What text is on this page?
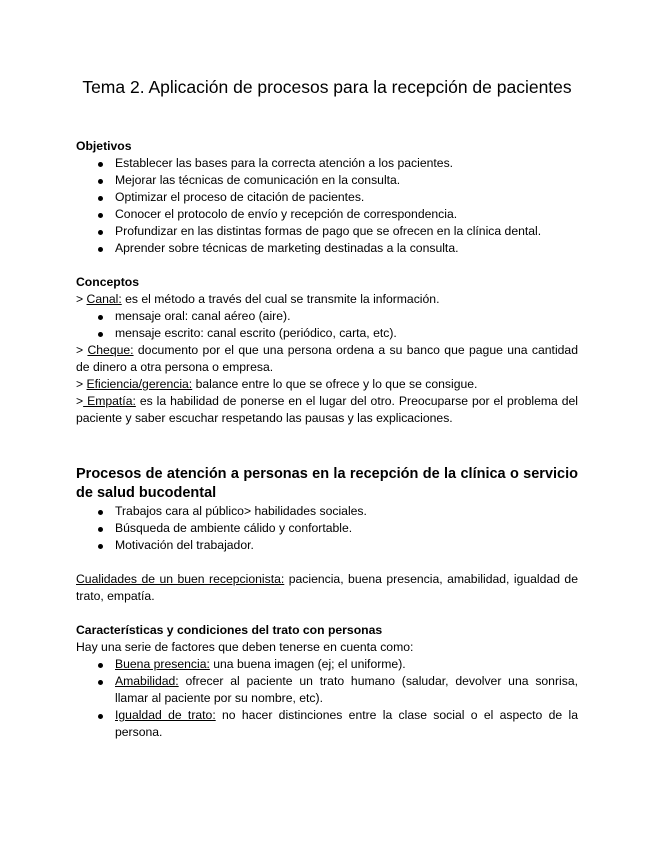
Tema 2. Aplicación de procesos para la recepción de pacientes
Objetivos
Establecer las bases para la correcta atención a los pacientes.
Mejorar las técnicas de comunicación en la consulta.
Optimizar el proceso de citación de pacientes.
Conocer el protocolo de envío y recepción de correspondencia.
Profundizar en las distintas formas de pago que se ofrecen en la clínica dental.
Aprender sobre técnicas de marketing destinadas a la consulta.
Conceptos

> Canal: es el método a través del cual se transmite la información.

mensaje oral: canal aéreo (aire).
mensaje escrito: canal escrito (periódico, carta, etc).

> Cheque: documento por el que una persona ordena a su banco que pague una cantidad de dinero a otra persona o empresa.

> Eficiencia/gerencia: balance entre lo que se ofrece y lo que se consigue.

> Empatía: es la habilidad de ponerse en el lugar del otro. Preocuparse por el problema del paciente y saber escuchar respetando las pausas y las explicaciones.

Procesos de atención a personas en la recepción de la clínica o servicio de salud bucodental
Trabajos cara al público> habilidades sociales.
Búsqueda de ambiente cálido y confortable.
Motivación del trabajador.

Cualidades de un buen recepcionista: paciencia, buena presencia, amabilidad, igualdad de trato, empatía.

Características y condiciones del trato con personas

Hay una serie de factores que deben tenerse en cuenta como:

Buena presencia: una buena imagen (ej; el uniforme).
Amabilidad: ofrecer al paciente un trato humano (saludar, devolver una sonrisa, llamar al paciente por su nombre, etc).
Igualdad de trato: no hacer distinciones entre la clase social o el aspecto de la persona.
